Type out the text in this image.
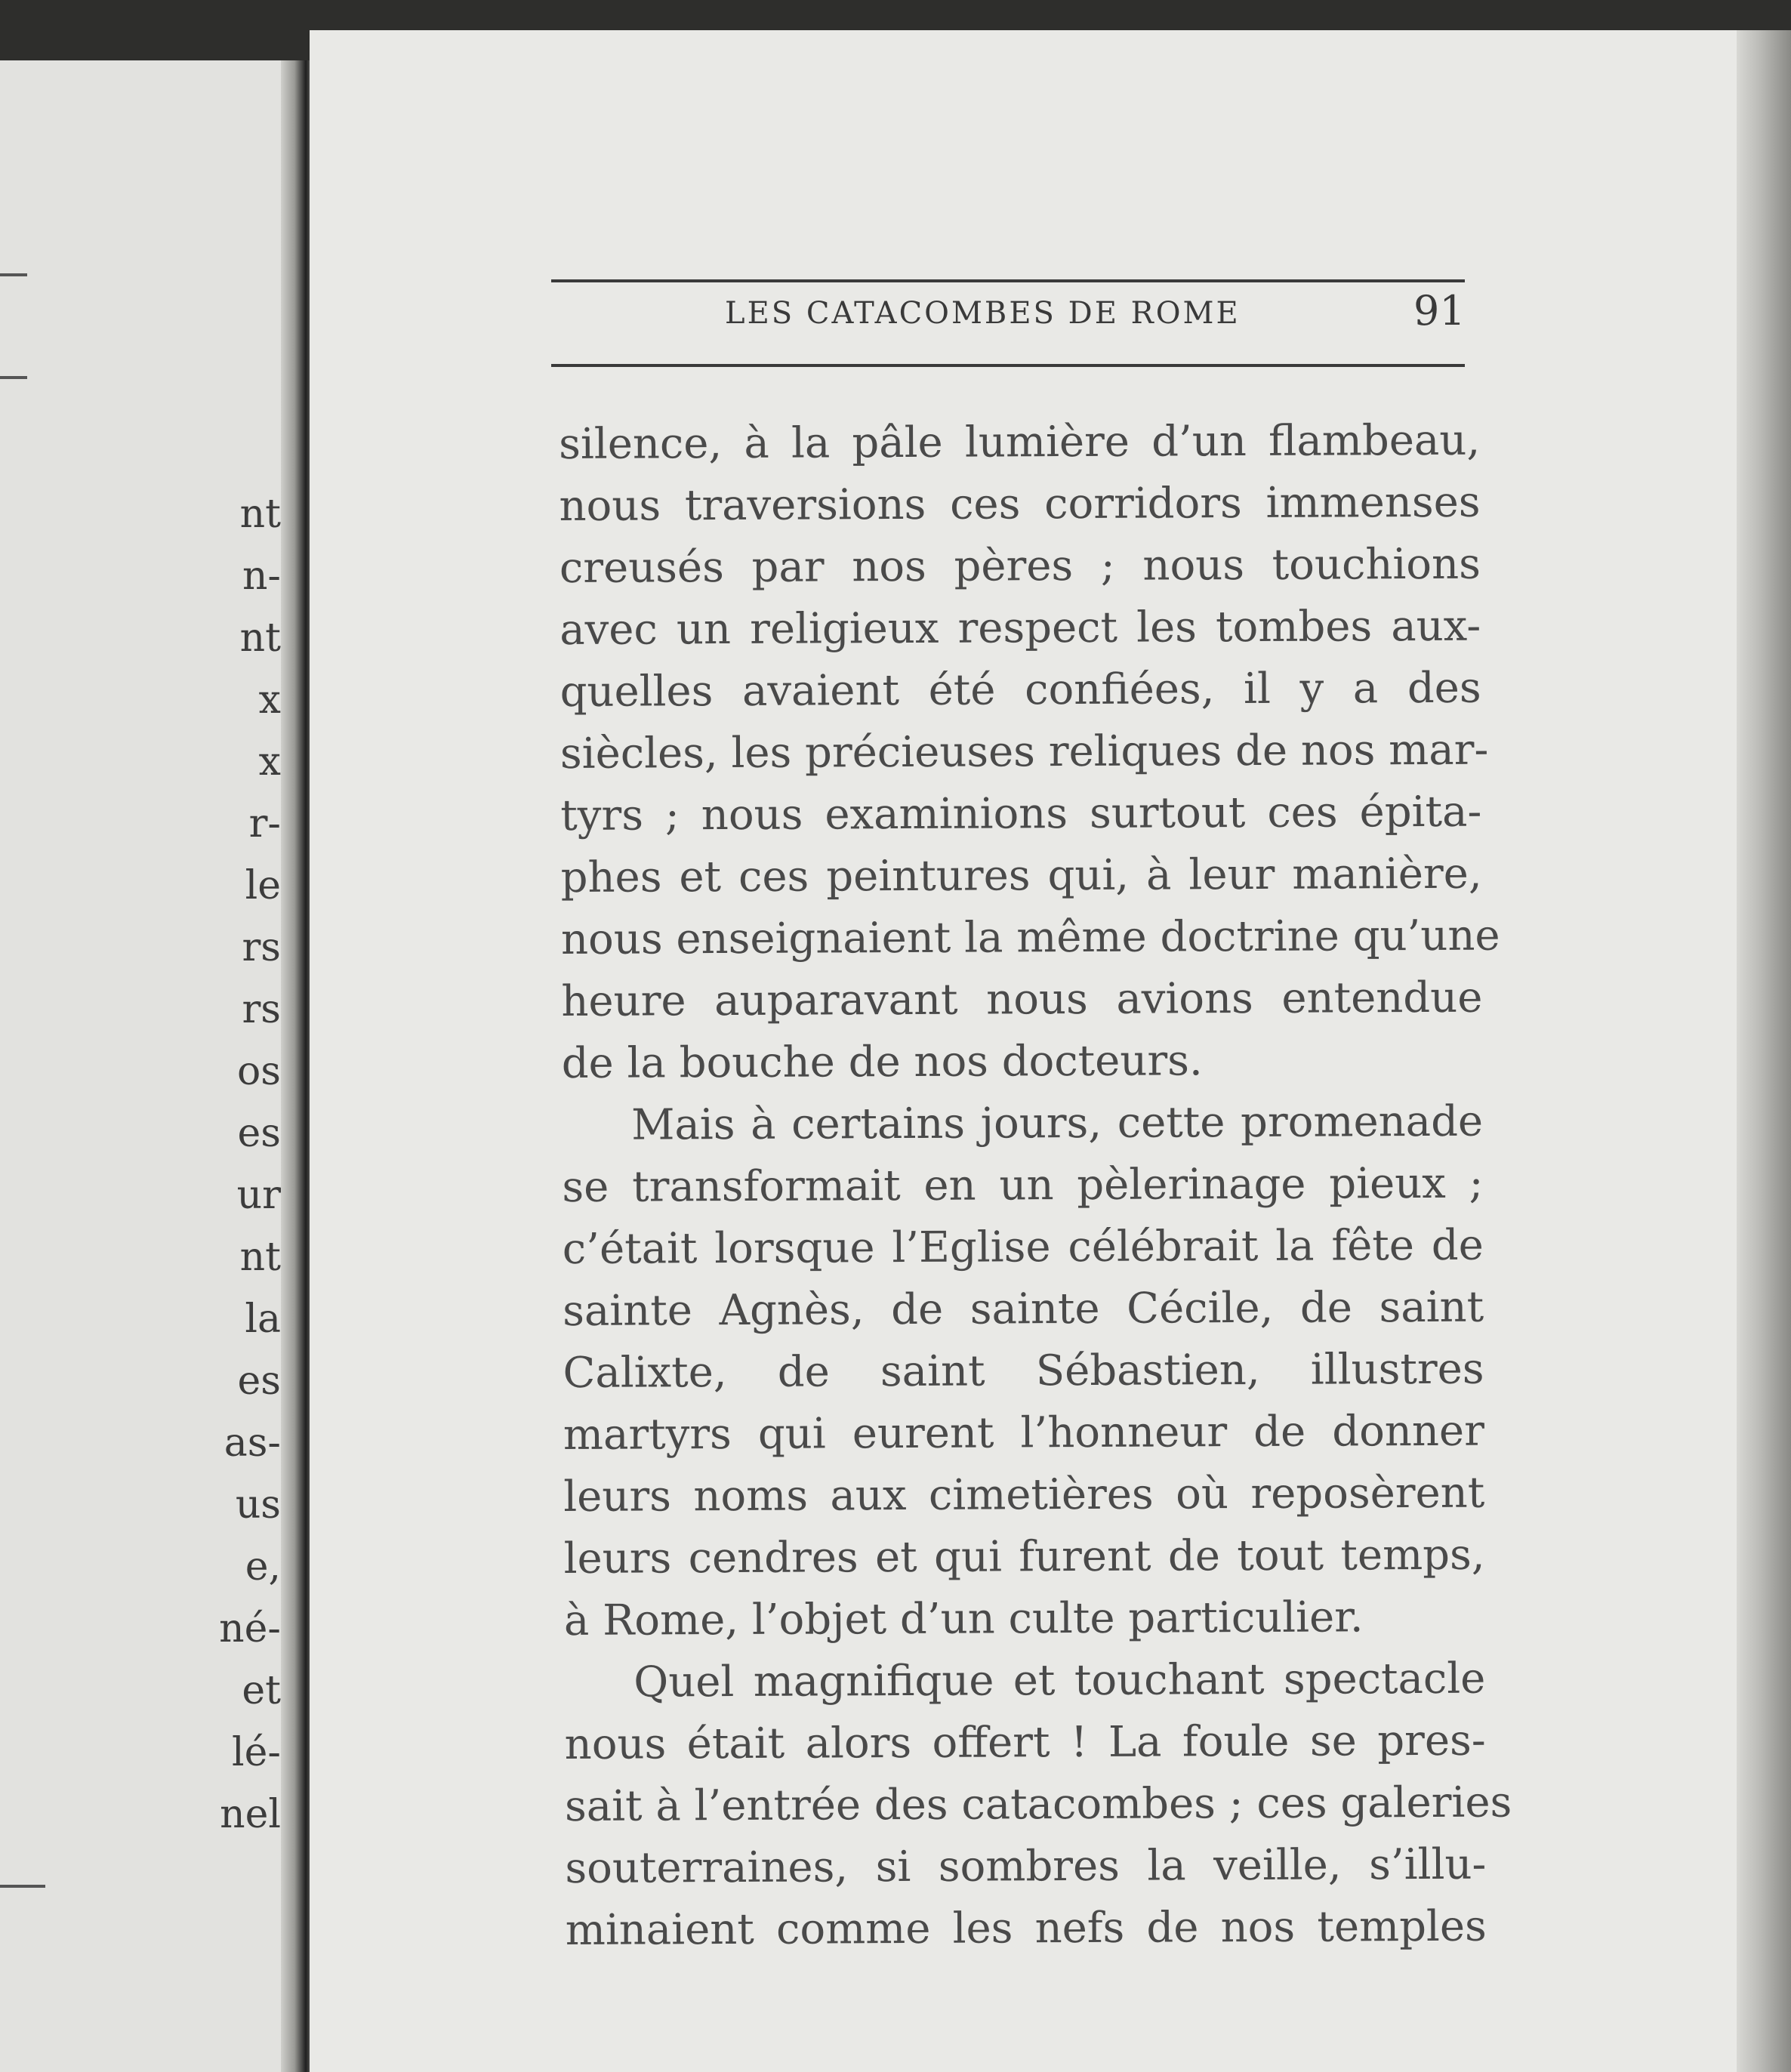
nt
n-
nt
x
x
r-
le
rs
rs
os
es
ur
nt
la
es
as-
us
e,
né-
et
lé-
nel
LES CATACOMBES DE ROME	91
silence, à la pâle lumière d’un flambeau,
nous traversions ces corridors immenses
creusés par nos pères ; nous touchions
avec un religieux respect les tombes aux-
quelles avaient été confiées, il y a des
siècles, les précieuses reliques de nos mar-
tyrs ; nous examinions surtout ces épita-
phes et ces peintures qui, à leur manière,
nous enseignaient la même doctrine qu’une
heure auparavant nous avions entendue
de la bouche de nos docteurs.
Mais à certains jours, cette promenade
se transformait en un pèlerinage pieux ;
c’était lorsque l’Eglise célébrait la fête de
sainte Agnès, de sainte Cécile, de saint
Calixte, de saint Sébastien, illustres
martyrs qui eurent l’honneur de donner
leurs noms aux cimetières où reposèrent
leurs cendres et qui furent de tout temps,
à Rome, l’objet d’un culte particulier.
Quel magnifique et touchant spectacle
nous était alors offert ! La foule se pres-
sait à l’entrée des catacombes ; ces galeries
souterraines, si sombres la veille, s’illu-
minaient comme les nefs de nos temples
